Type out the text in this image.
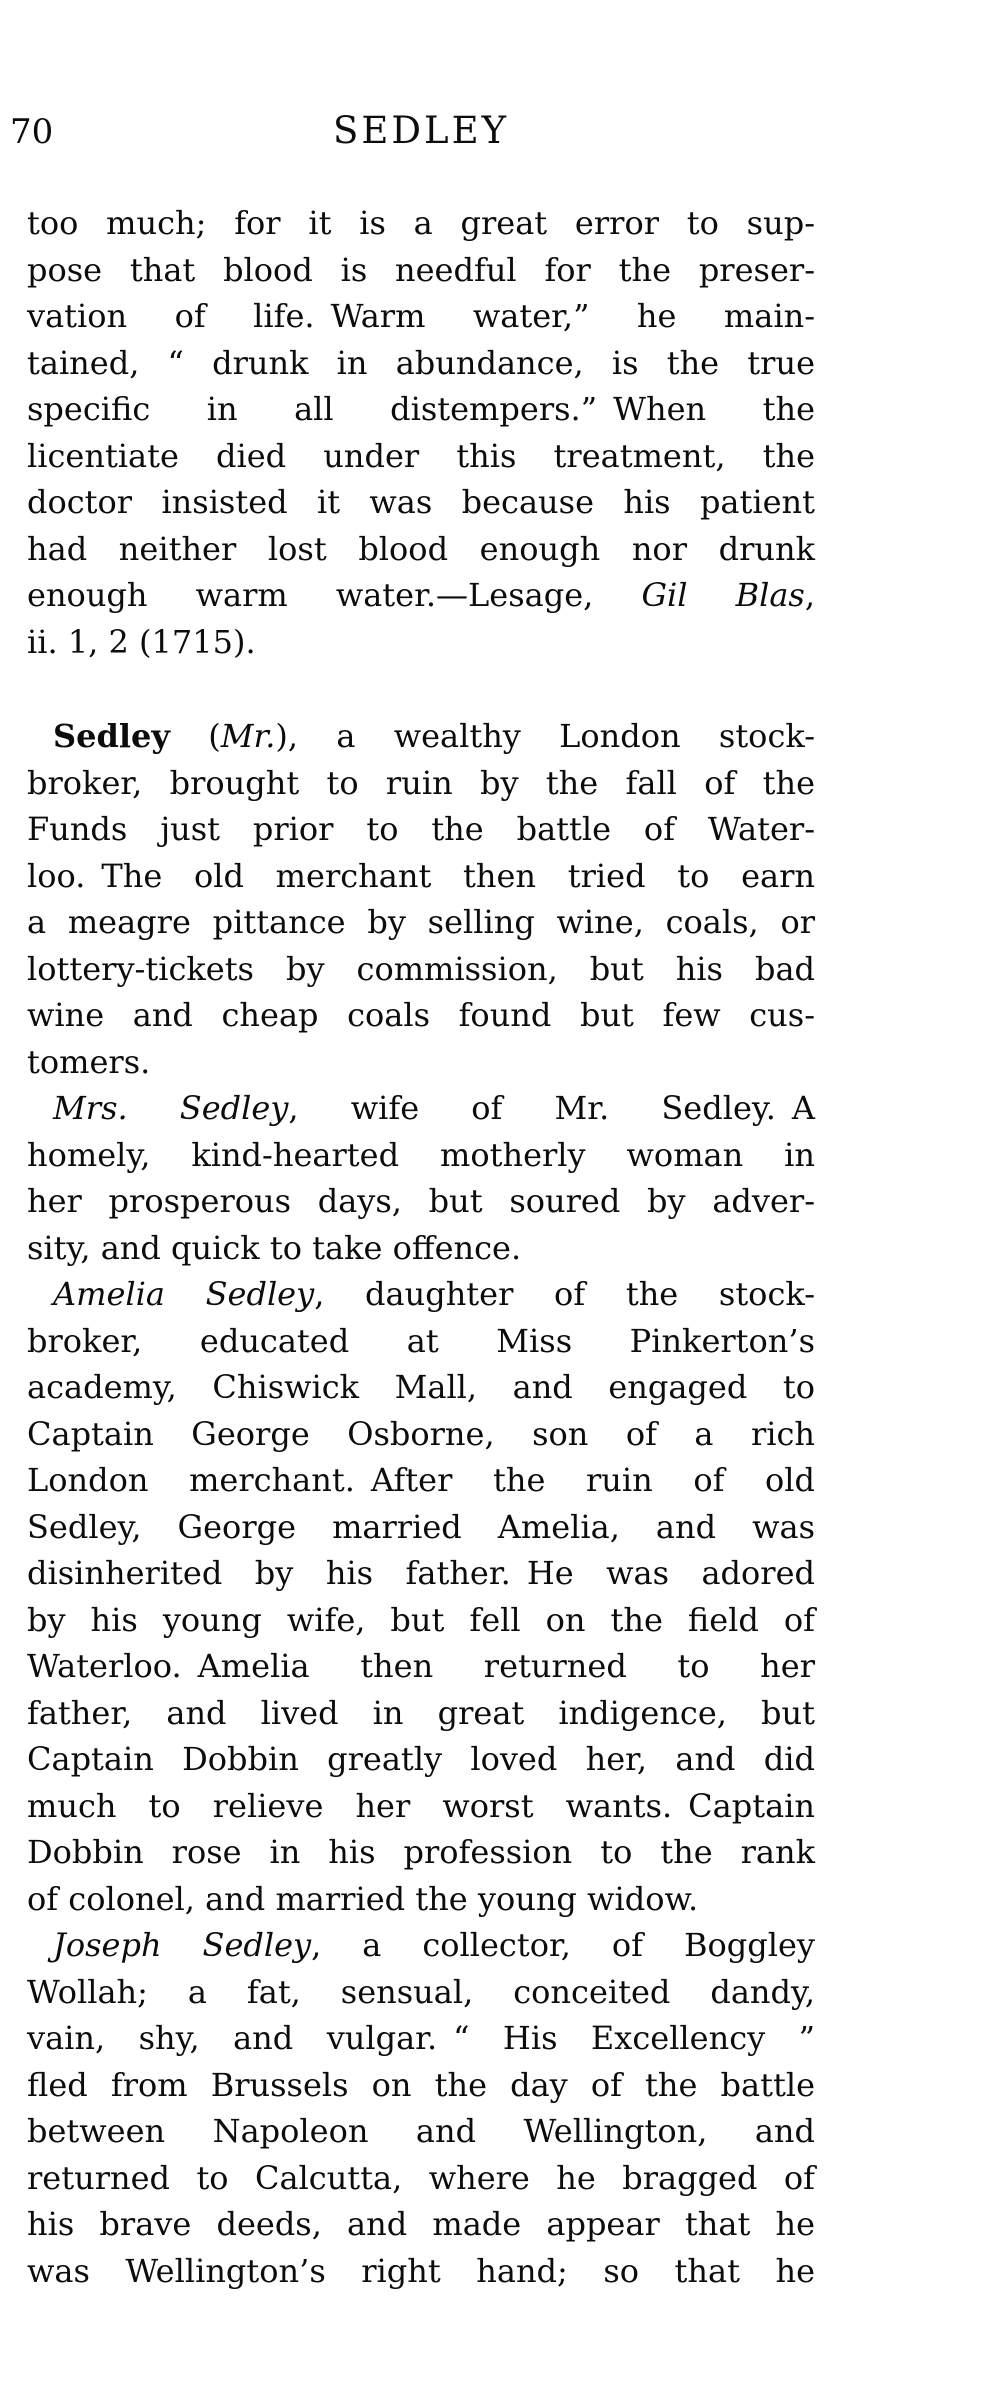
70	SEDLEY
too much; for it is a great error to sup-
pose that blood is needful for the preser-
vation of life. Warm water,” he main-
tained, “ drunk in abundance, is the true
specific in all distempers.” When the
licentiate died under this treatment, the
doctor insisted it was because his patient
had neither lost blood enough nor drunk
enough warm water.—Lesage, Gil Blas,
ii. 1, 2 (1715).
Sedley (Mr.), a wealthy London stock-
broker, brought to ruin by the fall of the
Funds just prior to the battle of Water-
loo. The old merchant then tried to earn
a meagre pittance by selling wine, coals, or
lottery-tickets by commission, but his bad
wine and cheap coals found but few cus-
tomers.
Mrs. Sedley, wife of Mr. Sedley. A
homely, kind-hearted motherly woman in
her prosperous days, but soured by adver-
sity, and quick to take offence.
Amelia Sedley, daughter of the stock-
broker, educated at Miss Pinkerton’s
academy, Chiswick Mall, and engaged to
Captain George Osborne, son of a rich
London merchant. After the ruin of old
Sedley, George married Amelia, and was
disinherited by his father. He was adored
by his young wife, but fell on the field of
Waterloo. Amelia then returned to her
father, and lived in great indigence, but
Captain Dobbin greatly loved her, and did
much to relieve her worst wants. Captain
Dobbin rose in his profession to the rank
of colonel, and married the young widow.
Joseph Sedley, a collector, of Boggley
Wollah; a fat, sensual, conceited dandy,
vain, shy, and vulgar. “ His Excellency ”
fled from Brussels on the day of the battle
between Napoleon and Wellington, and
returned to Calcutta, where he bragged of
his brave deeds, and made appear that he
was Wellington’s right hand; so that he
